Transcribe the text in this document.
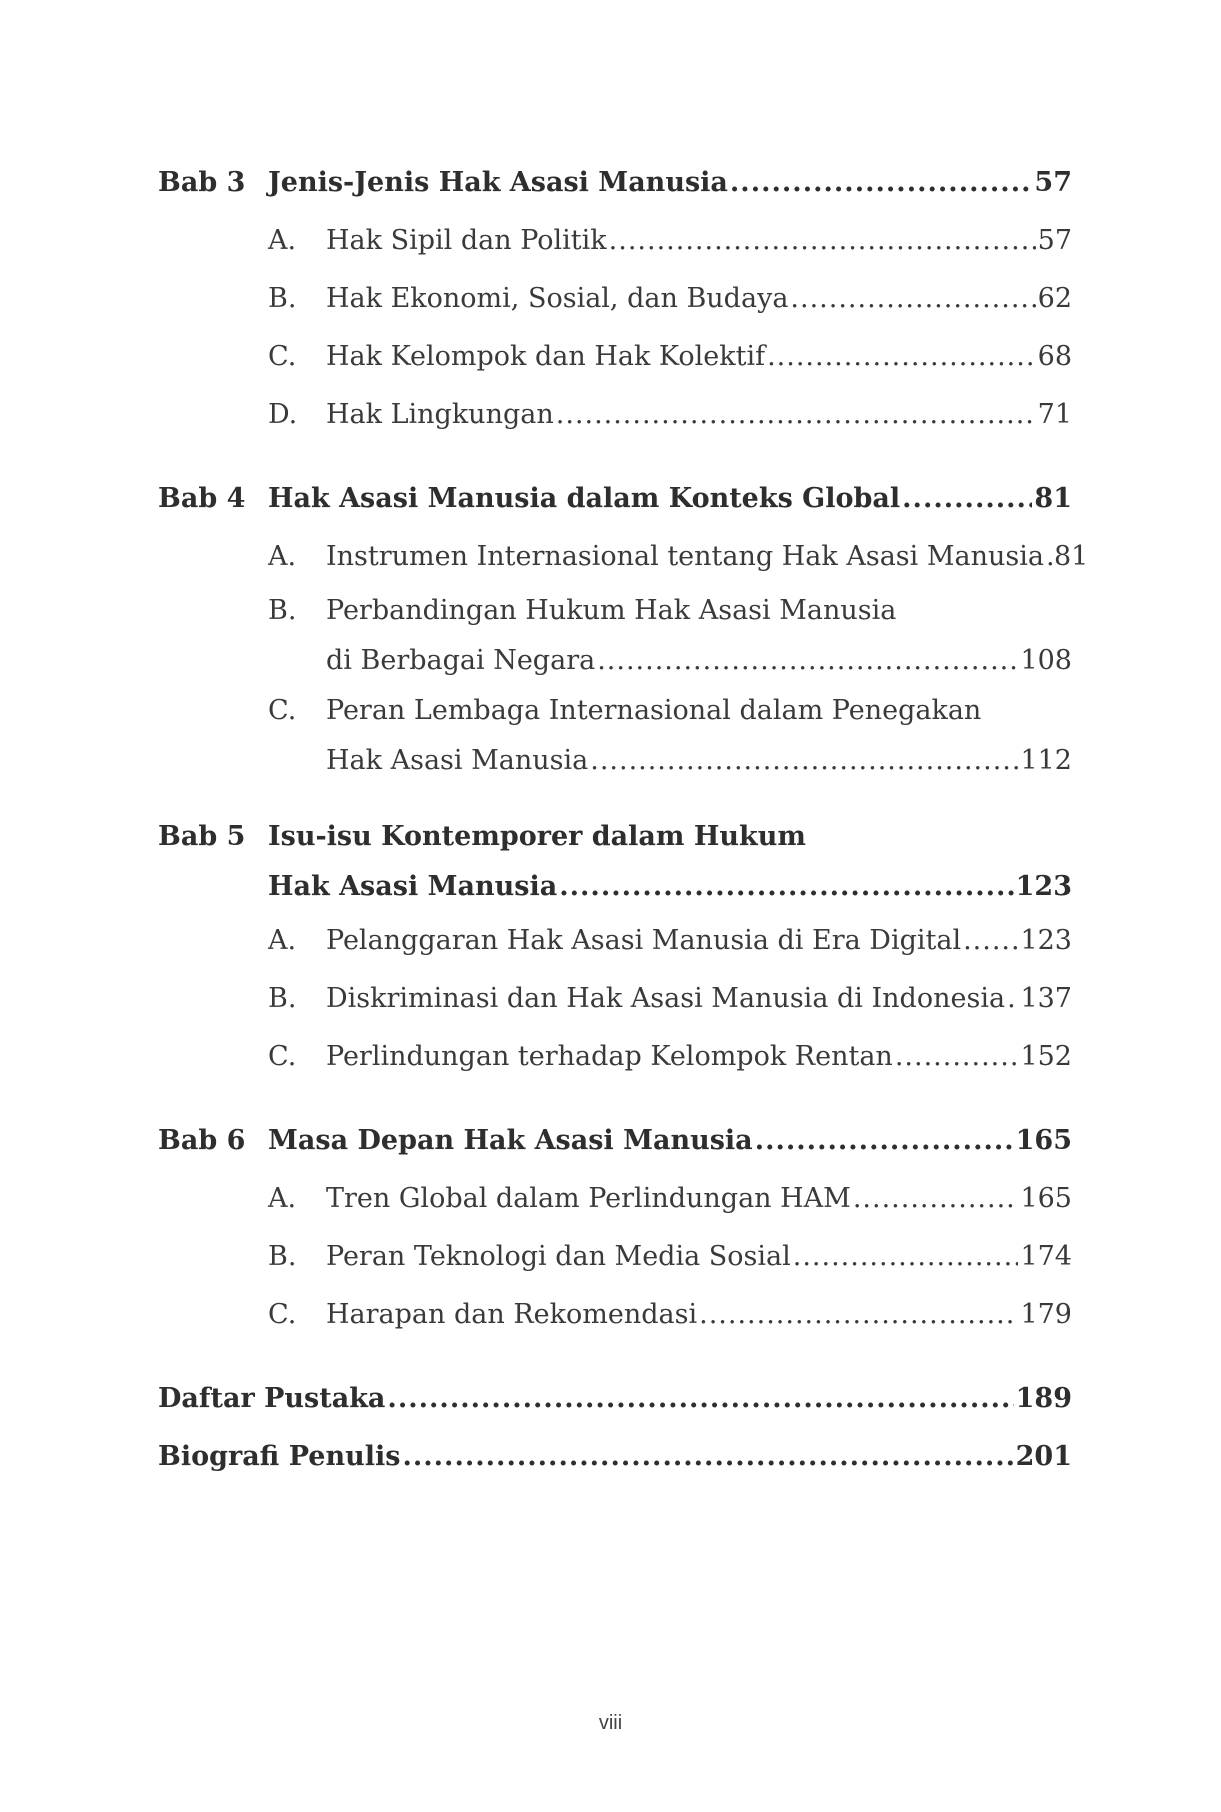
Bab 3 Jenis-Jenis Hak Asasi Manusia .....	57
A.	Hak Sipil dan Politik .....	57
B.	Hak Ekonomi, Sosial, dan Budaya .....	62
C.	Hak Kelompok dan Hak Kolektif .....	68
D.	Hak Lingkungan .....	71
Bab 4 Hak Asasi Manusia dalam Konteks Global .....	81
A.	Instrumen Internasional tentang Hak Asasi Manusia ..... 81
B.	Perbandingan Hukum Hak Asasi Manusia
di Berbagai Negara .....	108
C.	Peran Lembaga Internasional dalam Penegakan
Hak Asasi Manusia .....	112
Bab 5 Isu-isu Kontemporer dalam Hukum
Hak Asasi Manusia .....	123
A.	Pelanggaran Hak Asasi Manusia di Era Digital ..... 123
B.	Diskriminasi dan Hak Asasi Manusia di Indonesia ..... 137
C.	Perlindungan terhadap Kelompok Rentan .....	152
Bab 6 Masa Depan Hak Asasi Manusia .....	165
A.	Tren Global dalam Perlindungan HAM .....	165
B.	Peran Teknologi dan Media Sosial .....	174
C.	Harapan dan Rekomendasi .....	179
Daftar Pustaka .....	189
Biografi Penulis .....	201
viii
